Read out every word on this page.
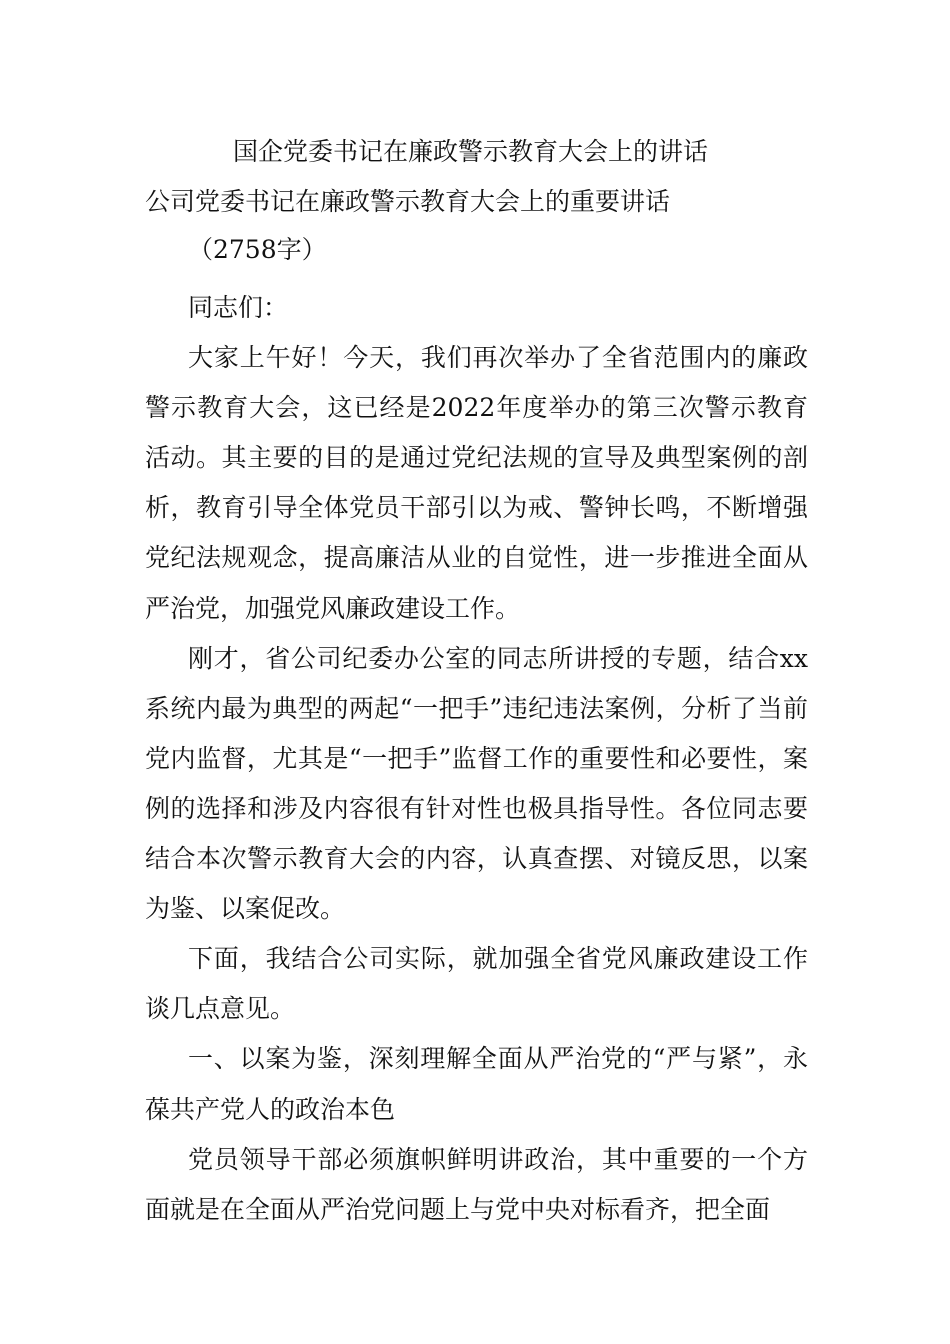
国企党委书记在廉政警示教育大会上的讲话
公司党委书记在廉政警示教育大会上的重要讲话
（2758字）

同志们：

大家上午好！今天，我们再次举办了全省范围内的廉政警示教育大会，这已经是2022年度举办的第三次警示教育活动。其主要的目的是通过党纪法规的宣导及典型案例的剖析，教育引导全体党员干部引以为戒、警钟长鸣，不断增强党纪法规观念，提高廉洁从业的自觉性，进一步推进全面从严治党，加强党风廉政建设工作。

刚才，省公司纪委办公室的同志所讲授的专题，结合xx系统内最为典型的两起“一把手”违纪违法案例，分析了当前党内监督，尤其是“一把手”监督工作的重要性和必要性，案例的选择和涉及内容很有针对性也极具指导性。各位同志要结合本次警示教育大会的内容，认真查摆、对镜反思，以案为鉴、以案促改。

下面，我结合公司实际，就加强全省党风廉政建设工作谈几点意见。

一、以案为鉴，深刻理解全面从严治党的“严与紧”，永葆共产党人的政治本色

党员领导干部必须旗帜鲜明讲政治，其中重要的一个方面就是在全面从严治党问题上与党中央对标看齐，把全面
